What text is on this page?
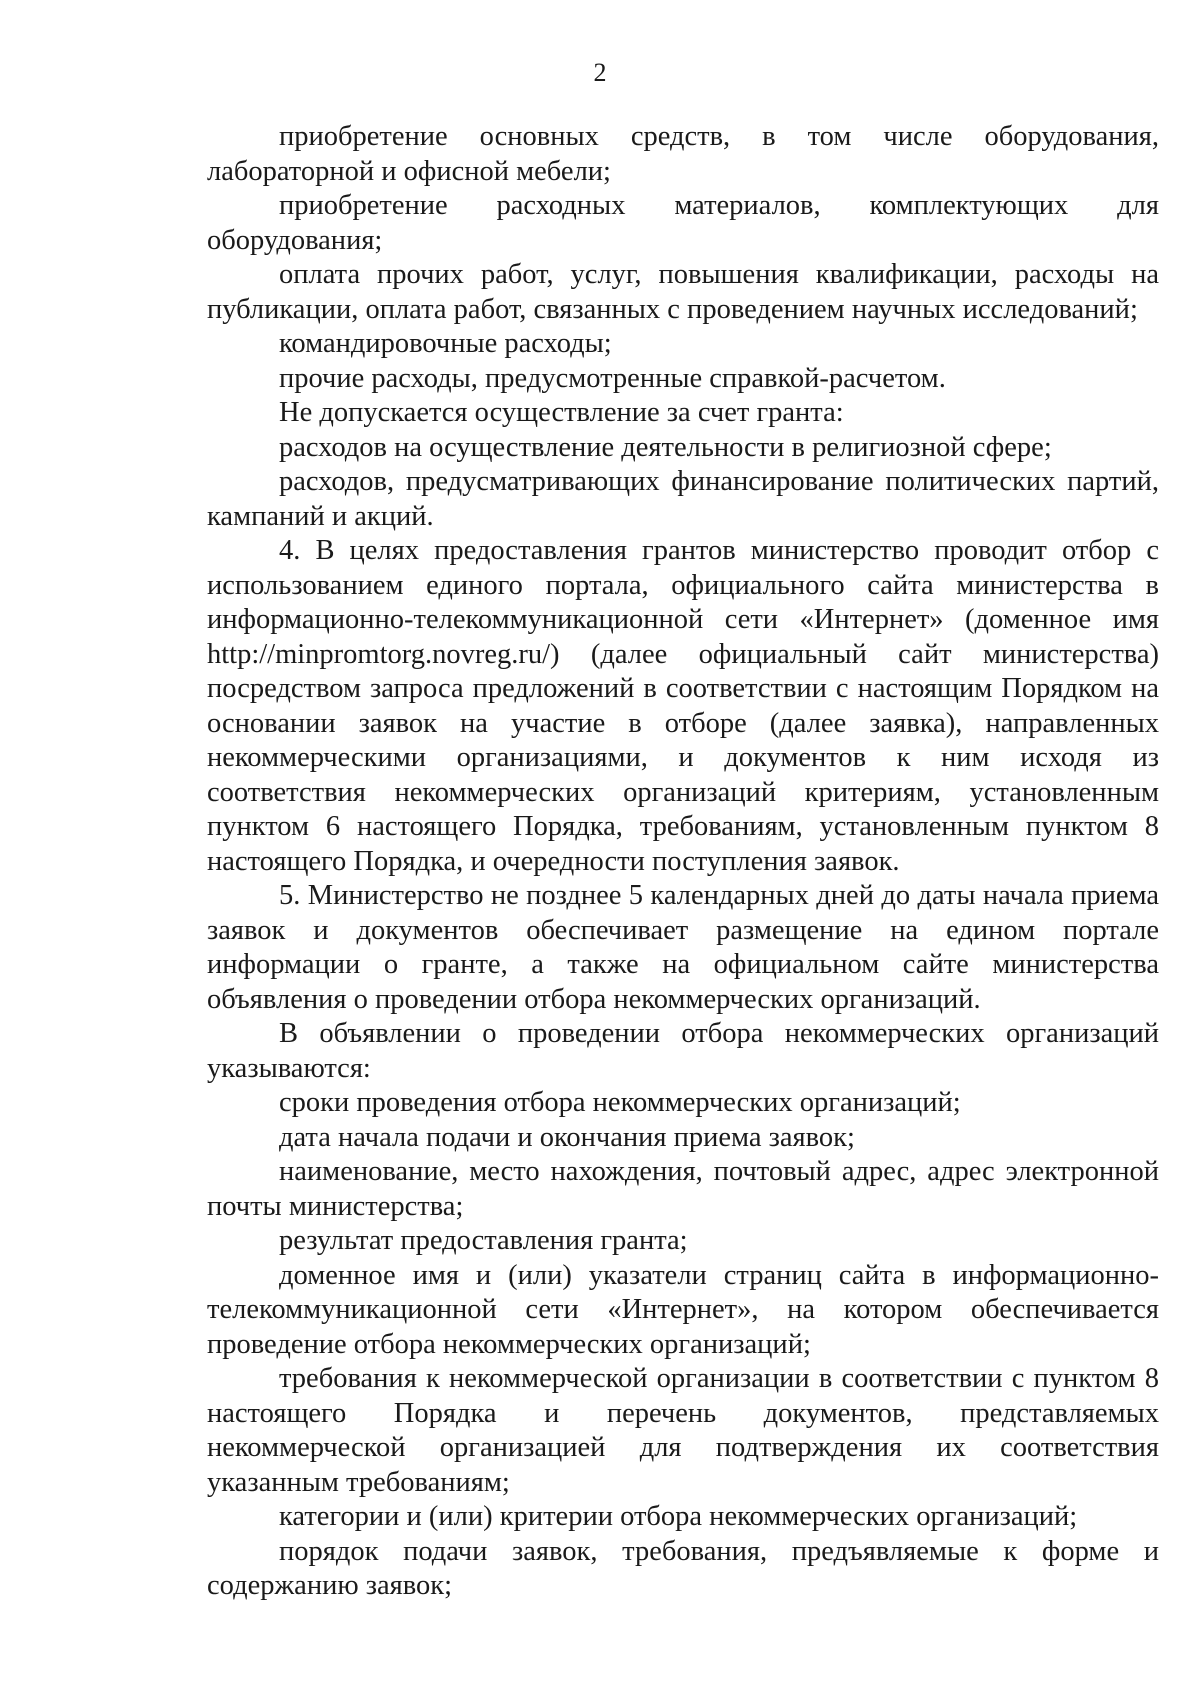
2

приобретение основных средств, в том числе оборудования, лабораторной и офисной мебели;

приобретение расходных материалов, комплектующих для оборудования;

оплата прочих работ, услуг, повышения квалификации, расходы на публикации, оплата работ, связанных с проведением научных исследований;

командировочные расходы;

прочие расходы, предусмотренные справкой-расчетом.

Не допускается осуществление за счет гранта:

расходов на осуществление деятельности в религиозной сфере;

расходов, предусматривающих финансирование политических партий, кампаний и акций.

4. В целях предоставления грантов министерство проводит отбор с использованием единого портала, официального сайта министерства в информационно-телекоммуникационной сети «Интернет» (доменное имя http://minpromtorg.novreg.ru/) (далее официальный сайт министерства) посредством запроса предложений в соответствии с настоящим Порядком на основании заявок на участие в отборе (далее заявка), направленных некоммерческими организациями, и документов к ним исходя из соответствия некоммерческих организаций критериям, установленным пунктом 6 настоящего Порядка, требованиям, установленным пунктом 8 настоящего Порядка, и очередности поступления заявок.

5. Министерство не позднее 5 календарных дней до даты начала приема заявок и документов обеспечивает размещение на едином портале информации о гранте, а также на официальном сайте министерства объявления о проведении отбора некоммерческих организаций.

В объявлении о проведении отбора некоммерческих организаций указываются:

сроки проведения отбора некоммерческих организаций;

дата начала подачи и окончания приема заявок;

наименование, место нахождения, почтовый адрес, адрес электронной почты министерства;

результат предоставления гранта;

доменное имя и (или) указатели страниц сайта в информационно-телекоммуникационной сети «Интернет», на котором обеспечивается проведение отбора некоммерческих организаций;

требования к некоммерческой организации в соответствии с пунктом 8 настоящего Порядка и перечень документов, представляемых некоммерческой организацией для подтверждения их соответствия указанным требованиям;

категории и (или) критерии отбора некоммерческих организаций;

порядок подачи заявок, требования, предъявляемые к форме и содержанию заявок;
